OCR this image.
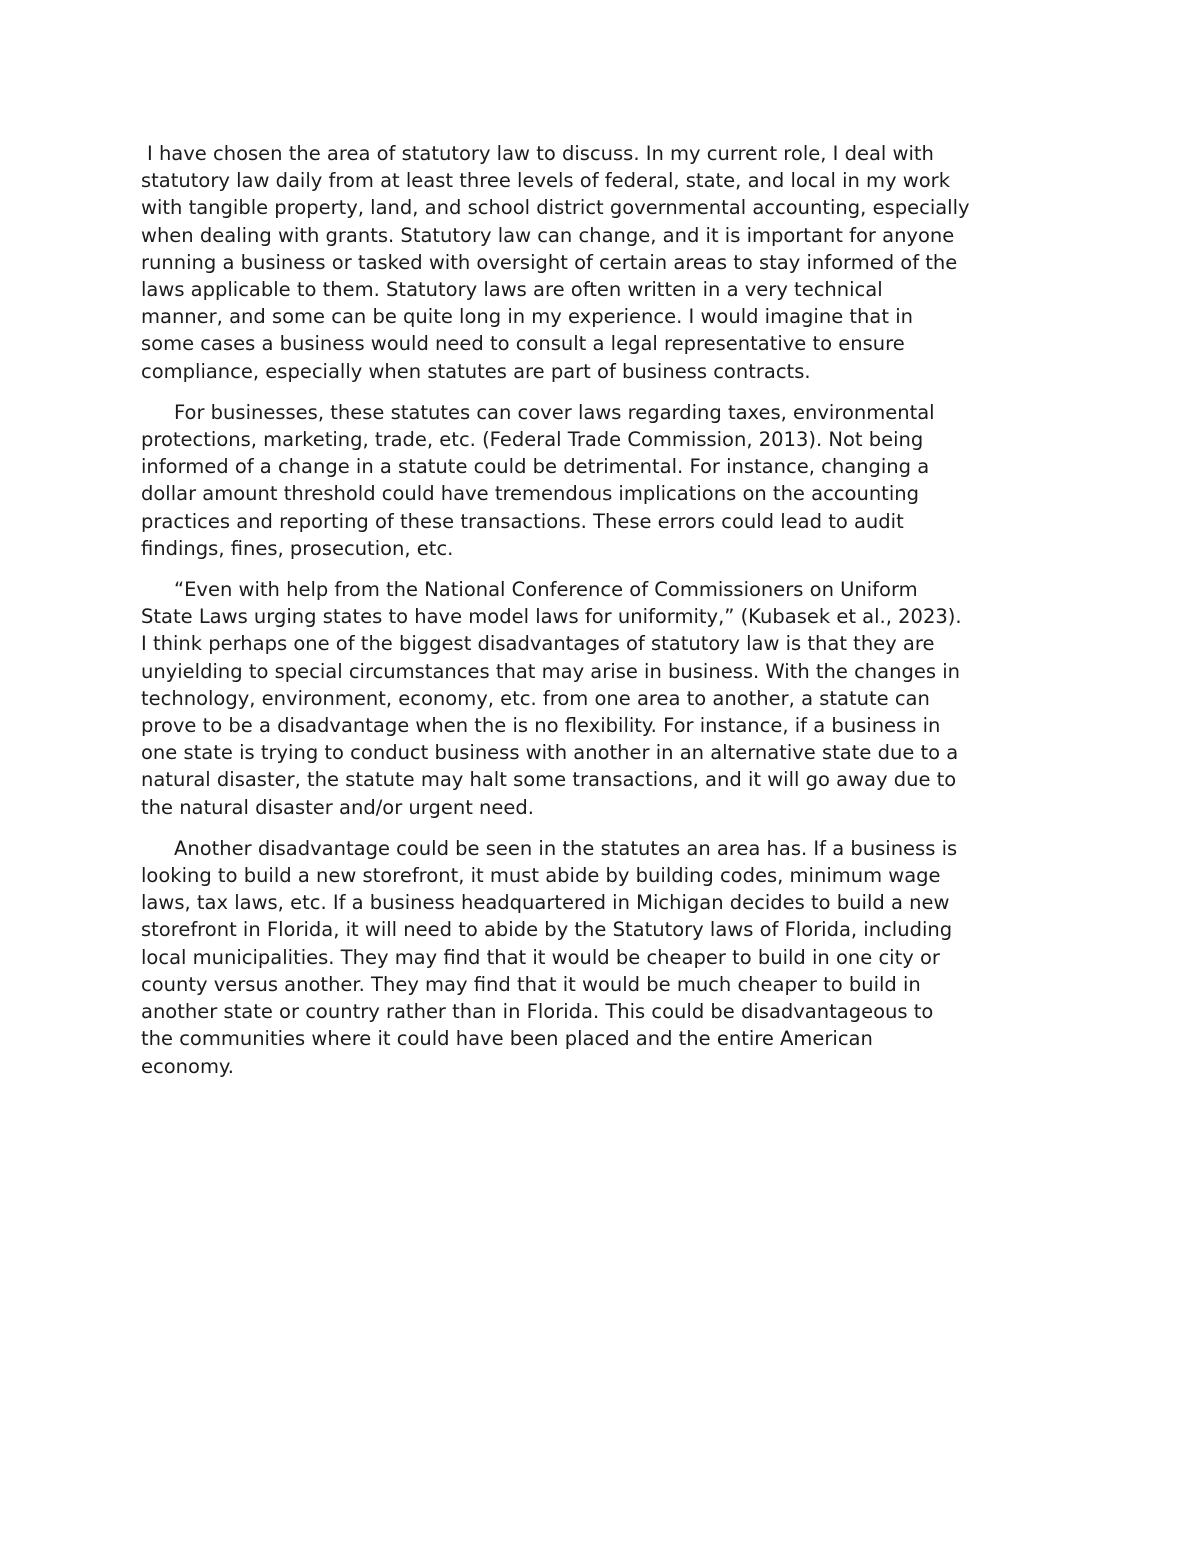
I have chosen the area of statutory law to discuss. In my current role, I deal with
statutory law daily from at least three levels of federal, state, and local in my work
with tangible property, land, and school district governmental accounting, especially
when dealing with grants. Statutory law can change, and it is important for anyone
running a business or tasked with oversight of certain areas to stay informed of the
laws applicable to them. Statutory laws are often written in a very technical
manner, and some can be quite long in my experience. I would imagine that in
some cases a business would need to consult a legal representative to ensure
compliance, especially when statutes are part of business contracts.

For businesses, these statutes can cover laws regarding taxes, environmental
protections, marketing, trade, etc. (Federal Trade Commission, 2013). Not being
informed of a change in a statute could be detrimental. For instance, changing a
dollar amount threshold could have tremendous implications on the accounting
practices and reporting of these transactions. These errors could lead to audit
findings, fines, prosecution, etc.

“Even with help from the National Conference of Commissioners on Uniform
State Laws urging states to have model laws for uniformity,” (Kubasek et al., 2023).
I think perhaps one of the biggest disadvantages of statutory law is that they are
unyielding to special circumstances that may arise in business. With the changes in
technology, environment, economy, etc. from one area to another, a statute can
prove to be a disadvantage when the is no flexibility. For instance, if a business in
one state is trying to conduct business with another in an alternative state due to a
natural disaster, the statute may halt some transactions, and it will go away due to
the natural disaster and/or urgent need.

Another disadvantage could be seen in the statutes an area has. If a business is
looking to build a new storefront, it must abide by building codes, minimum wage
laws, tax laws, etc. If a business headquartered in Michigan decides to build a new
storefront in Florida, it will need to abide by the Statutory laws of Florida, including
local municipalities. They may find that it would be cheaper to build in one city or
county versus another. They may find that it would be much cheaper to build in
another state or country rather than in Florida. This could be disadvantageous to
the communities where it could have been placed and the entire American
economy.
